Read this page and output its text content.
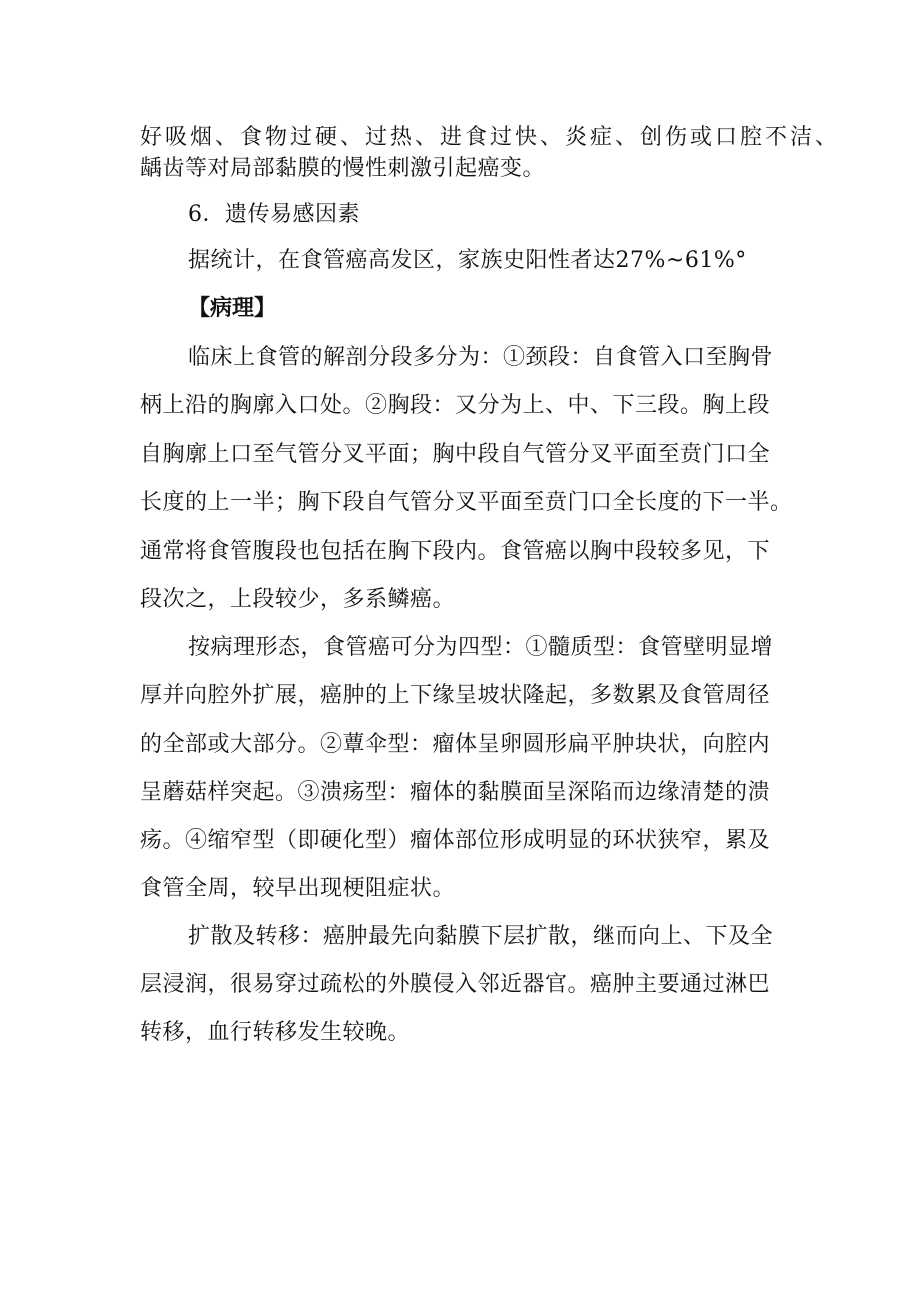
好吸烟、食物过硬、过热、进食过快、炎症、创伤或口腔不洁、
龋齿等对局部黏膜的慢性刺激引起癌变。
6．遗传易感因素
据统计，在食管癌高发区，家族史阳性者达27%~61%°
【病理】
临床上食管的解剖分段多分为：①颈段：自食管入口至胸骨
柄上沿的胸廓入口处。②胸段：又分为上、中、下三段。胸上段
自胸廓上口至气管分叉平面；胸中段自气管分叉平面至贲门口全
长度的上一半；胸下段自气管分叉平面至贲门口全长度的下一半。
通常将食管腹段也包括在胸下段内。食管癌以胸中段较多见，下
段次之，上段较少，多系鳞癌。
按病理形态，食管癌可分为四型：①髓质型：食管壁明显增
厚并向腔外扩展，癌肿的上下缘呈坡状隆起，多数累及食管周径
的全部或大部分。②蕈伞型：瘤体呈卵圆形扁平肿块状，向腔内
呈蘑菇样突起。③溃疡型：瘤体的黏膜面呈深陷而边缘清楚的溃
疡。④缩窄型（即硬化型）瘤体部位形成明显的环状狭窄，累及
食管全周，较早出现梗阻症状。
扩散及转移：癌肿最先向黏膜下层扩散，继而向上、下及全
层浸润，很易穿过疏松的外膜侵入邻近器官。癌肿主要通过淋巴
转移，血行转移发生较晚。
